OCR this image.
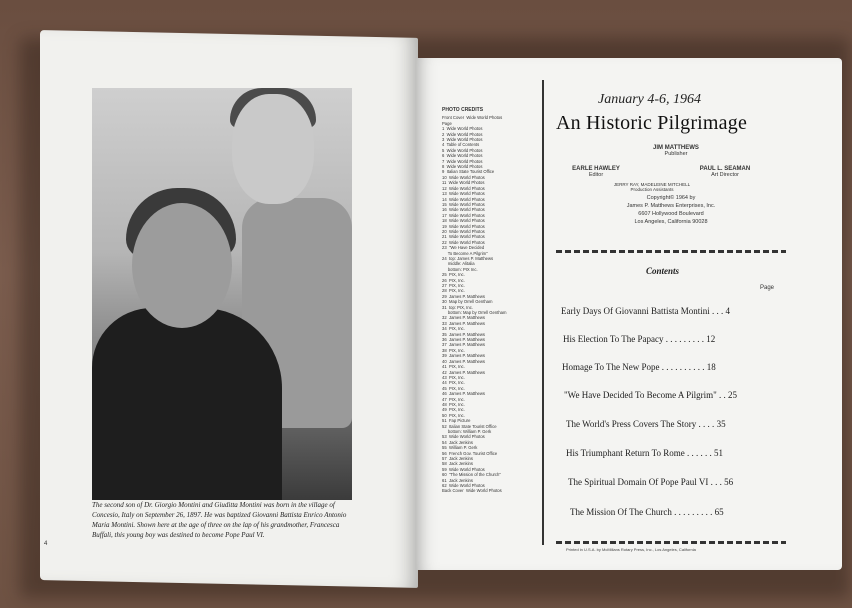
The second son of Dr. Giorgio Montini and Giuditta Montini was born in the village of Concesio, Italy on September 26, 1897. He was baptized Giovanni Battista Enrico Antonio Maria Montini. Shown here at the age of three on the lap of his grandmother, Francesca Buffali, this young boy was destined to become Pope Paul VI.

4
PHOTO CREDITS
Front Cover  Wide World Photos
Page
1  Wide World Photos
2  Wide World Photos
3  Wide World Photos
4  Table of Contents
5  Wide World Photos
6  Wide World Photos
7  Wide World Photos
8  Wide World Photos
9  Italian State Tourist Office
10  Wide World Photos
11  Wide World Photos
12  Wide World Photos
13  Wide World Photos
14  Wide World Photos
15  Wide World Photos
16  Wide World Photos
17  Wide World Photos
18  Wide World Photos
19  Wide World Photos
20  Wide World Photos
21  Wide World Photos
22  Wide World Photos
23  "We Have Decided
To Become A Pilgrim"
24  top: James P. Matthews
middle: Alitalia
bottom: PIX Inc.
25  PIX, Inc.
26  PIX, Inc.
27  PIX, Inc.
28  PIX, Inc.
29  James P. Matthews
30  Map by Orrell Gentham
31  top: PIX, Inc.
bottom: Map by Orrell Gentham
32  James P. Matthews
33  James P. Matthews
34  PIX, Inc.
35  James P. Matthews
36  James P. Matthews
37  James P. Matthews
38  PIX, Inc.
39  James P. Matthews
40  James P. Matthews
41  PIX, Inc.
42  James P. Matthews
43  PIX, Inc.
44  PIX, Inc.
45  PIX, Inc.
46  James P. Matthews
47  PIX, Inc.
48  PIX, Inc.
49  PIX, Inc.
50  PIX, Inc.
51  Fap Picture
52  Italian State Tourist Office
bottom: William P. Gerk
53  Wide World Photos
54  Jack Jenkins
55  William P. Gerk
56  French Gov. Tourist Office
57  Jack Jenkins
58  Jack Jenkins
59  Wide World Photos
60  "The Mission of the Church"
61  Jack Jenkins
62  Wide World Photos
Back Cover  Wide World Photos
January 4-6, 1964
An Historic Pilgrimage
JIM MATTHEWS
Publisher
EARLE HAWLEY
Editor
PAUL L. SEAMAN
Art Director
JERRY RAY, MADELEINE MITCHELL
Production Assistants
Copyright© 1964 by
James P. Matthews Enterprises, Inc.
6607 Hollywood Boulevard
Los Angeles, California 90028
Contents
Page
Early Days Of Giovanni Battista Montini . . . 4
His Election To The Papacy . . . . . . . . . 12
Homage To The New Pope . . . . . . . . . . 18
"We Have Decided To Become A Pilgrim" . . 25
The World's Press Covers The Story . . . . 35
His Triumphant Return To Rome . . . . . . 51
The Spiritual Domain Of Pope Paul VI . . . 56
The Mission Of The Church . . . . . . . . . 65
Printed in U.S.A. by McMillans Rotary Press, Inc., Los Angeles, California
